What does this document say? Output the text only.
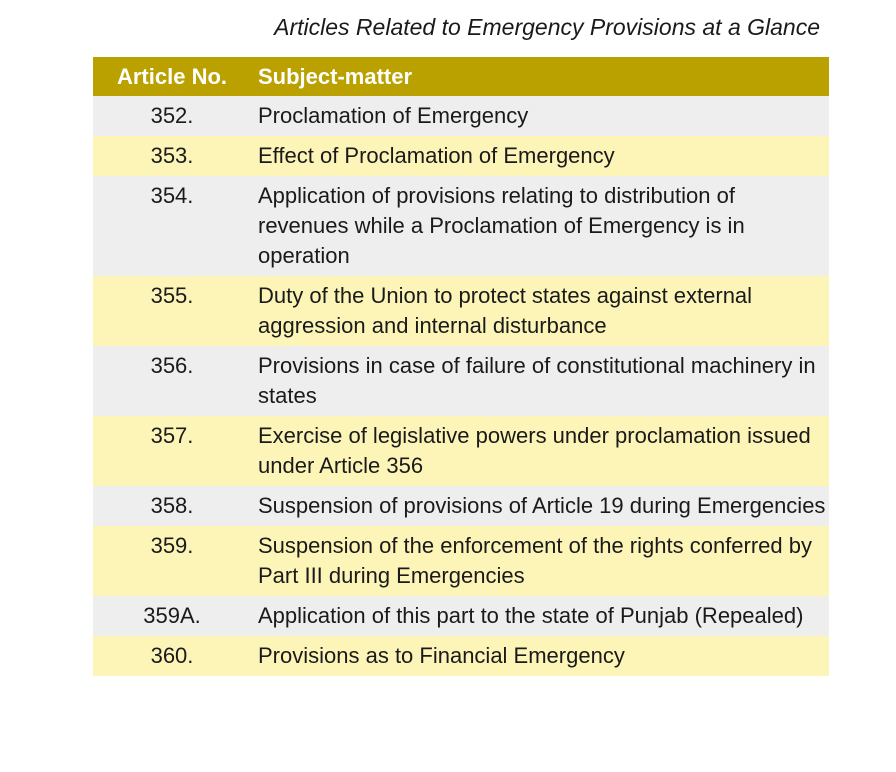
Articles Related to Emergency Provisions at a Glance
Article No.	Subject-matter
352.	Proclamation of Emergency
353.	Effect of Proclamation of Emergency
354.	Application of provisions relating to distribution of revenues while a Proclamation of Emergency is in operation
355.	Duty of the Union to protect states against external aggression and internal disturbance
356.	Provisions in case of failure of constitutional machinery in states
357.	Exercise of legislative powers under proclamation issued under Article 356
358.	Suspension of provisions of Article 19 during Emergencies
359.	Suspension of the enforcement of the rights conferred by Part III during Emergencies
359A.	Application of this part to the state of Punjab (Repealed)
360.	Provisions as to Financial Emergency
